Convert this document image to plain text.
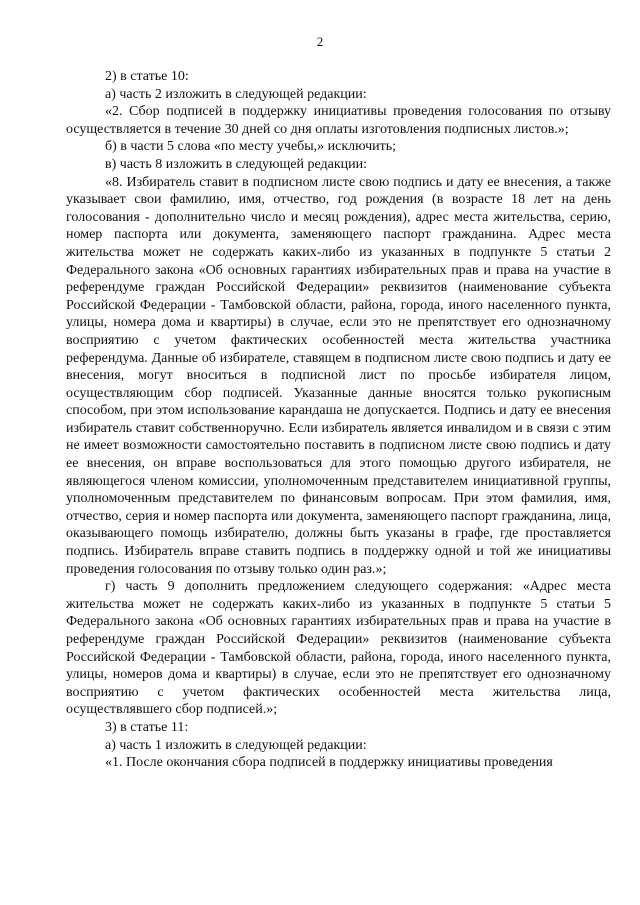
2

2) в статье 10:

а) часть 2 изложить в следующей редакции:

«2. Сбор подписей в поддержку инициативы проведения голосования по отзыву осуществляется в течение 30 дней со дня оплаты изготовления подписных листов.»;

б) в части 5 слова «по месту учебы,» исключить;

в) часть 8 изложить в следующей редакции:

«8. Избиратель ставит в подписном листе свою подпись и дату ее внесения, а также указывает свои фамилию, имя, отчество, год рождения (в возрасте 18 лет на день голосования - дополнительно число и месяц рождения), адрес места жительства, серию, номер паспорта или документа, заменяющего паспорт гражданина. Адрес места жительства может не содержать каких-либо из указанных в подпункте 5 статьи 2 Федерального закона «Об основных гарантиях избирательных прав и права на участие в референдуме граждан Российской Федерации» реквизитов (наименование субъекта Российской Федерации - Тамбовской области, района, города, иного населенного пункта, улицы, номера дома и квартиры) в случае, если это не препятствует его однозначному восприятию с учетом фактических особенностей места жительства участника референдума. Данные об избирателе, ставящем в подписном листе свою подпись и дату ее внесения, могут вноситься в подписной лист по просьбе избирателя лицом, осуществляющим сбор подписей. Указанные данные вносятся только рукописным способом, при этом использование карандаша не допускается. Подпись и дату ее внесения избиратель ставит собственноручно. Если избиратель является инвалидом и в связи с этим не имеет возможности самостоятельно поставить в подписном листе свою подпись и дату ее внесения, он вправе воспользоваться для этого помощью другого избирателя, не являющегося членом комиссии, уполномоченным представителем инициативной группы, уполномоченным представителем по финансовым вопросам. При этом фамилия, имя, отчество, серия и номер паспорта или документа, заменяющего паспорт гражданина, лица, оказывающего помощь избирателю, должны быть указаны в графе, где проставляется подпись. Избиратель вправе ставить подпись в поддержку одной и той же инициативы проведения голосования по отзыву только один раз.»;

г) часть 9 дополнить предложением следующего содержания: «Адрес места жительства может не содержать каких-либо из указанных в подпункте 5 статьи 5 Федерального закона «Об основных гарантиях избирательных прав и права на участие в референдуме граждан Российской Федерации» реквизитов (наименование субъекта Российской Федерации - Тамбовской области, района, города, иного населенного пункта, улицы, номеров дома и квартиры) в случае, если это не препятствует его однозначному восприятию с учетом фактических особенностей места жительства лица, осуществлявшего сбор подписей.»;

3) в статье 11:

а) часть 1 изложить в следующей редакции:

«1. После окончания сбора подписей в поддержку инициативы проведения
